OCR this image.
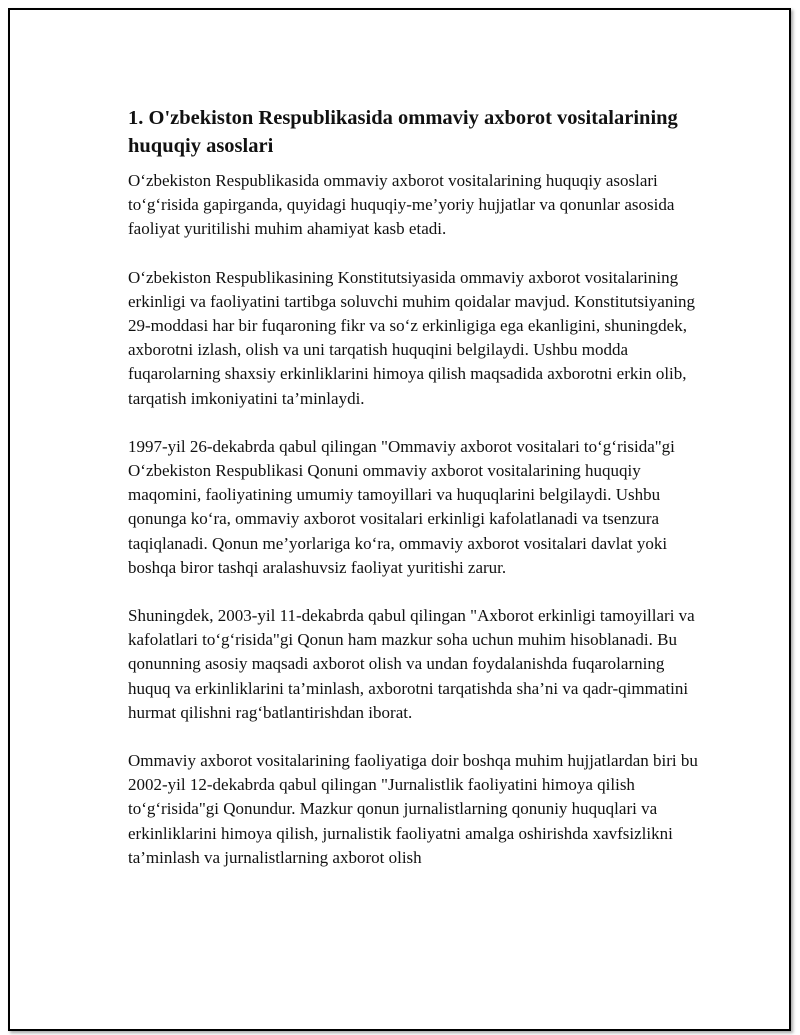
1. O'zbekiston Respublikasida ommaviy axborot vositalarining huquqiy asoslari

O‘zbekiston Respublikasida ommaviy axborot vositalarining huquqiy asoslari to‘g‘risida gapirganda, quyidagi huquqiy-me’yoriy hujjatlar va qonunlar asosida faoliyat yuritilishi muhim ahamiyat kasb etadi.

O‘zbekiston Respublikasining Konstitutsiyasida ommaviy axborot vositalarining erkinligi va faoliyatini tartibga soluvchi muhim qoidalar mavjud. Konstitutsiyaning 29-moddasi har bir fuqaroning fikr va so‘z erkinligiga ega ekanligini, shuningdek, axborotni izlash, olish va uni tarqatish huquqini belgilaydi. Ushbu modda fuqarolarning shaxsiy erkinliklarini himoya qilish maqsadida axborotni erkin olib, tarqatish imkoniyatini ta’minlaydi.

1997-yil 26-dekabrda qabul qilingan "Ommaviy axborot vositalari to‘g‘risida"gi O‘zbekiston Respublikasi Qonuni ommaviy axborot vositalarining huquqiy maqomini, faoliyatining umumiy tamoyillari va huquqlarini belgilaydi. Ushbu qonunga ko‘ra, ommaviy axborot vositalari erkinligi kafolatlanadi va tsenzura taqiqlanadi. Qonun me’yorlariga ko‘ra, ommaviy axborot vositalari davlat yoki boshqa biror tashqi aralashuvsiz faoliyat yuritishi zarur.

Shuningdek, 2003-yil 11-dekabrda qabul qilingan "Axborot erkinligi tamoyillari va kafolatlari to‘g‘risida"gi Qonun ham mazkur soha uchun muhim hisoblanadi. Bu qonunning asosiy maqsadi axborot olish va undan foydalanishda fuqarolarning huquq va erkinliklarini ta’minlash, axborotni tarqatishda sha’ni va qadr-qimmatini hurmat qilishni rag‘batlantirishdan iborat.

Ommaviy axborot vositalarining faoliyatiga doir boshqa muhim hujjatlardan biri bu 2002-yil 12-dekabrda qabul qilingan "Jurnalistlik faoliyatini himoya qilish to‘g‘risida"gi Qonundur. Mazkur qonun jurnalistlarning qonuniy huquqlari va erkinliklarini himoya qilish, jurnalistik faoliyatni amalga oshirishda xavfsizlikni ta’minlash va jurnalistlarning axborot olish
